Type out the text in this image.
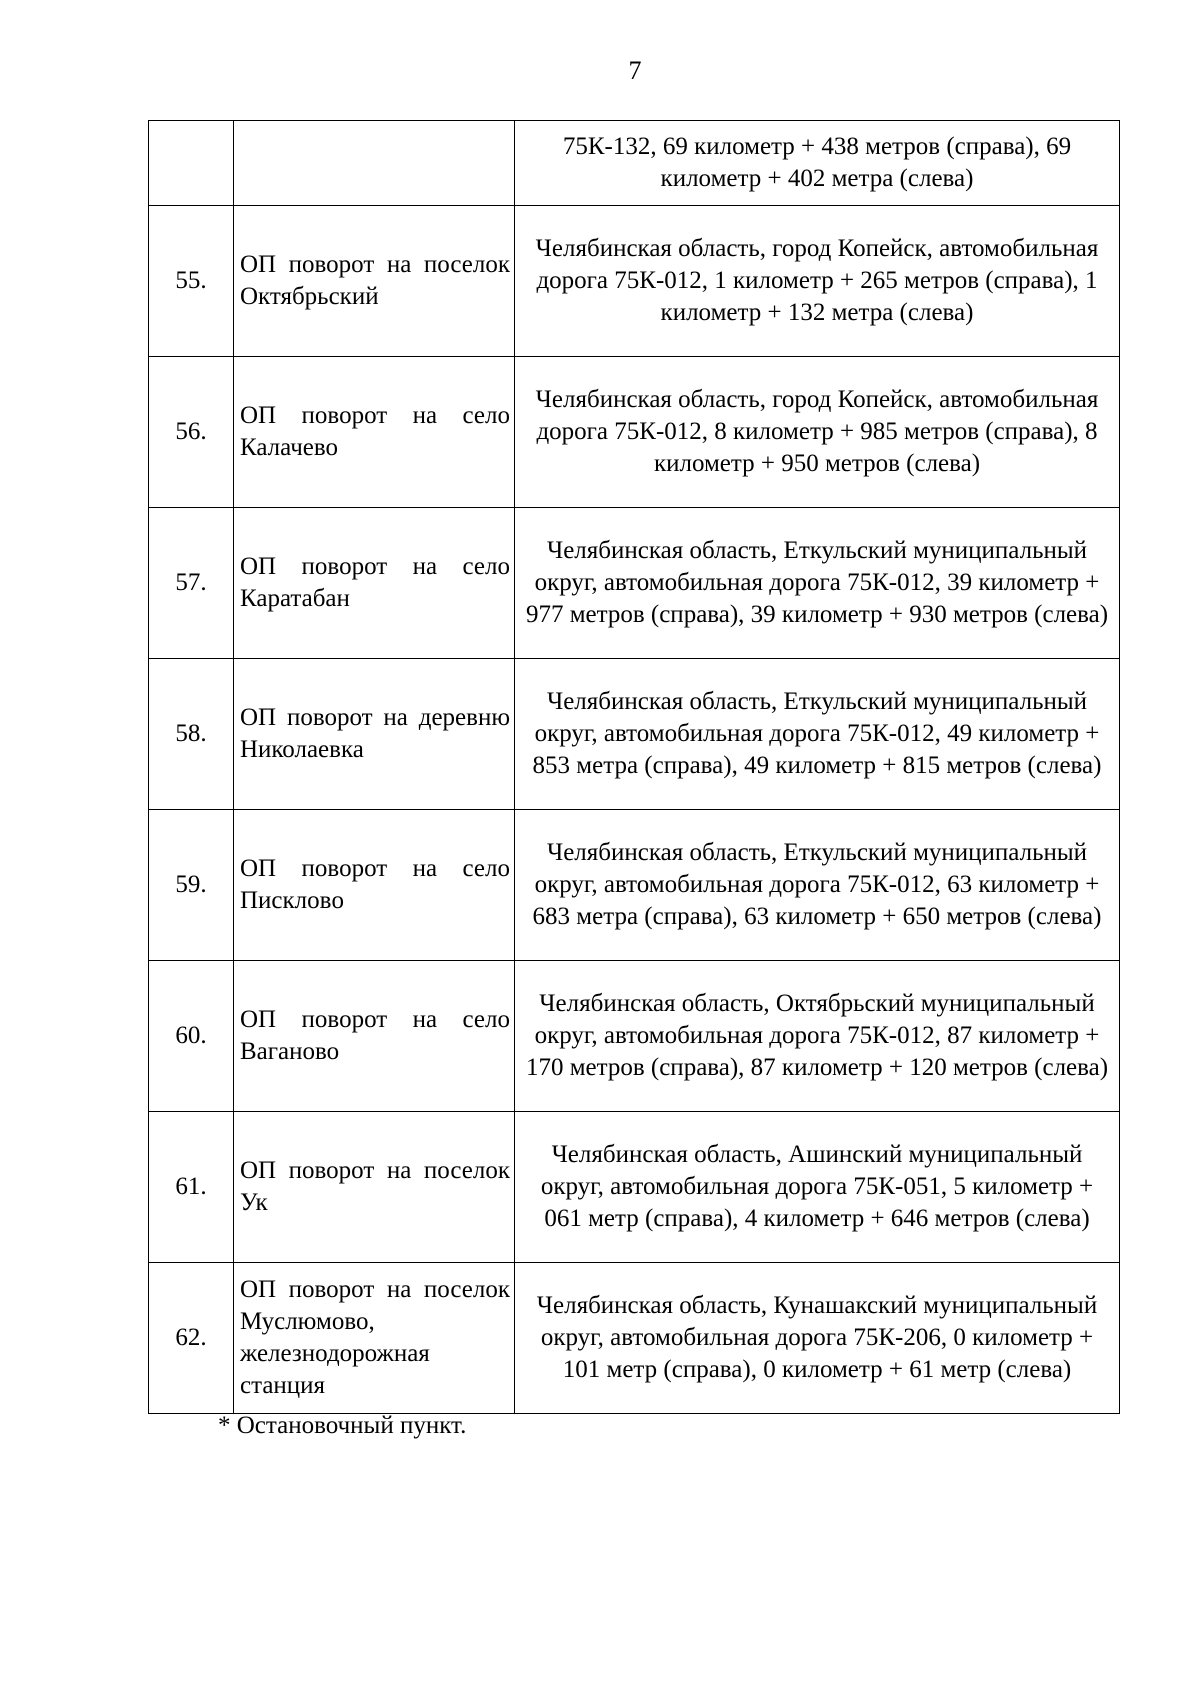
7
		75К-132, 69 километр + 438 метров (справа), 69 километр + 402 метра (слева)
55.	ОП поворот на поселок Октябрьский	Челябинская область, город Копейск, автомобильная дорога 75К-012, 1 километр + 265 метров (справа), 1 километр + 132 метра (слева)
56.	ОП поворот на село Калачево	Челябинская область, город Копейск, автомобильная дорога 75К-012, 8 километр + 985 метров (справа), 8 километр + 950 метров (слева)
57.	ОП поворот на село Каратабан	Челябинская область, Еткульский муниципальный округ, автомобильная дорога 75К-012, 39 километр + 977 метров (справа), 39 километр + 930 метров (слева)
58.	ОП поворот на деревню Николаевка	Челябинская область, Еткульский муниципальный округ, автомобильная дорога 75К-012, 49 километр + 853 метра (справа), 49 километр + 815 метров (слева)
59.	ОП поворот на село Пискловo	Челябинская область, Еткульский муниципальный округ, автомобильная дорога 75К-012, 63 километр + 683 метра (справа), 63 километр + 650 метров (слева)
60.	ОП поворот на село Ваганово	Челябинская область, Октябрьский муниципальный округ, автомобильная дорога 75К-012, 87 километр + 170 метров (справа), 87 километр + 120 метров (слева)
61.	ОП поворот на поселок Ук	Челябинская область, Ашинский муниципальный округ, автомобильная дорога 75К-051, 5 километр + 061 метр (справа), 4 километр + 646 метров (слева)
62.	ОП поворот на поселок Муслюмово, железнодорожная станция	Челябинская область, Кунашакский муниципальный округ, автомобильная дорога 75К-206, 0 километр + 101 метр (справа), 0 километр + 61 метр (слева)
* Остановочный пункт.
